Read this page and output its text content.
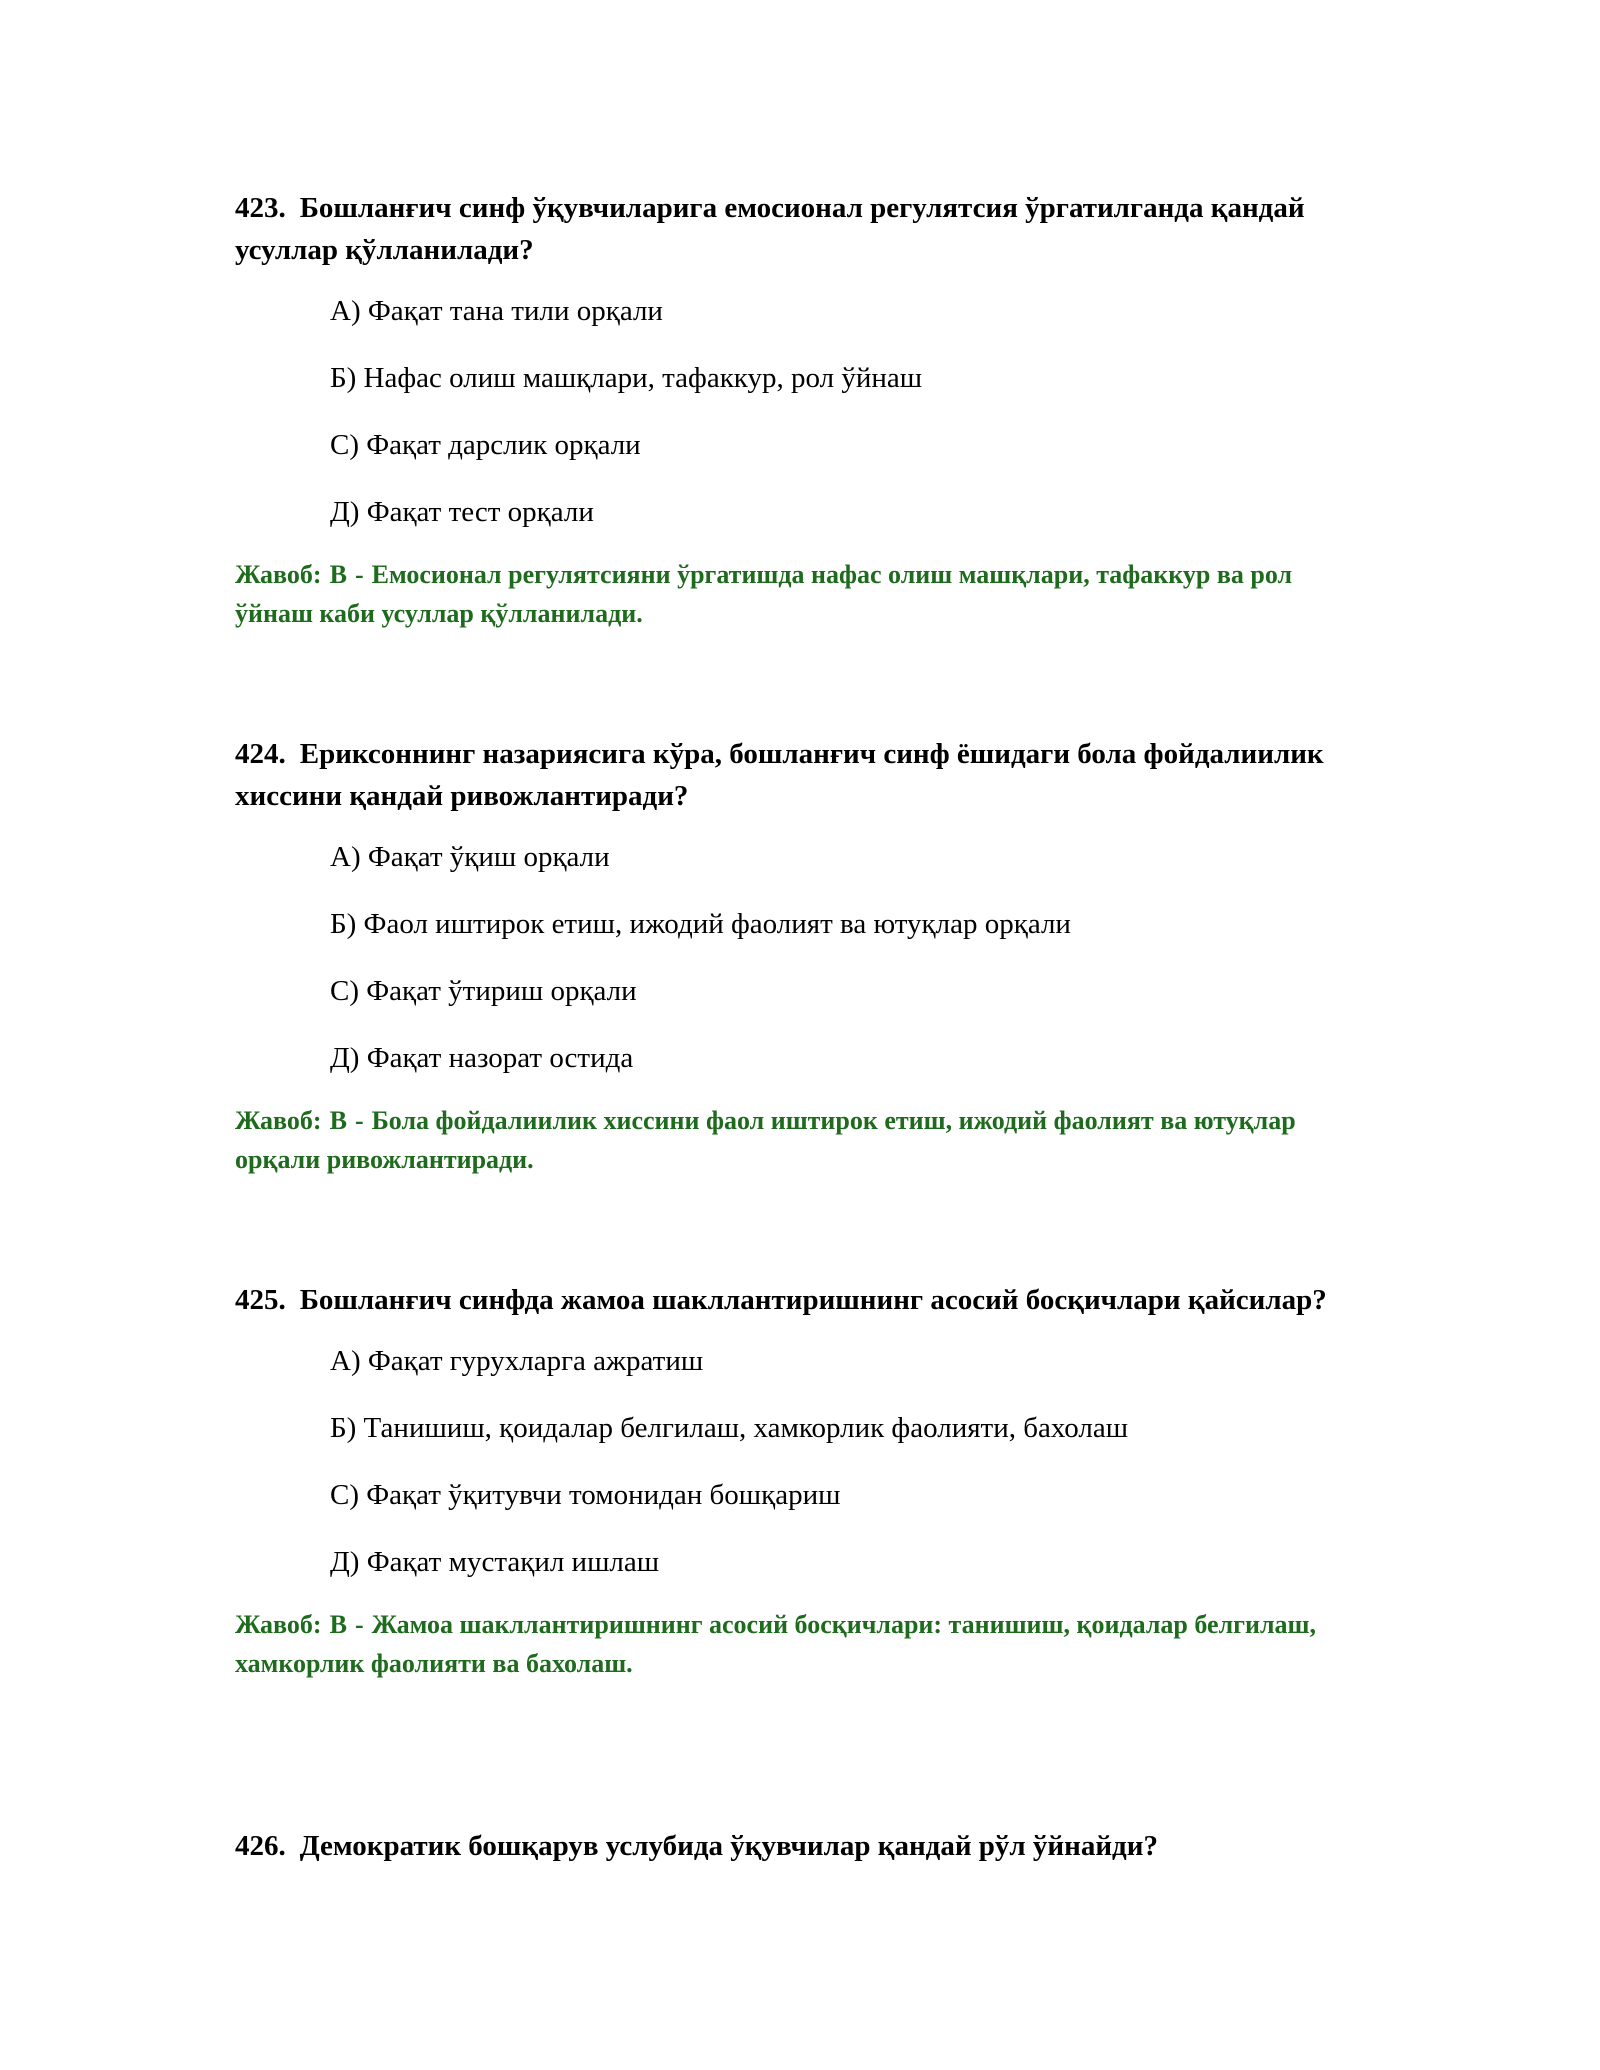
423. Бошланғич синф ўқувчиларига емосионал регулятсия ўргатилганда қандай усуллар қўлланилади?

А) Фақат тана тили орқали
Б) Нафас олиш машқлари, тафаккур, рол ўйнаш
С) Фақат дарслик орқали
Д) Фақат тест орқали

Жавоб: B - Емосионал регулятсияни ўргатишда нафас олиш машқлари, тафаккур ва рол ўйнаш каби усуллар қўлланилади.

424. Ериксоннинг назариясига кўра, бошланғич синф ёшидаги бола фойдалиилик хиссини қандай ривожлантиради?

А) Фақат ўқиш орқали
Б) Фаол иштирок етиш, ижодий фаолият ва ютуқлар орқали
С) Фақат ўтириш орқали
Д) Фақат назорат остида

Жавоб: B - Бола фойдалиилик хиссини фаол иштирок етиш, ижодий фаолият ва ютуқлар орқали ривожлантиради.

425. Бошланғич синфда жамоа шакллантиришнинг асосий босқичлари қайсилар?

А) Фақат гурухларга ажратиш
Б) Танишиш, қоидалар белгилаш, хамкорлик фаолияти, бахолаш
С) Фақат ўқитувчи томонидан бошқариш
Д) Фақат мустақил ишлаш

Жавоб: B - Жамоа шакллантиришнинг асосий босқичлари: танишиш, қоидалар белгилаш, хамкорлик фаолияти ва бахолаш.

426. Демократик бошқарув услубида ўқувчилар қандай рўл ўйнайди?
